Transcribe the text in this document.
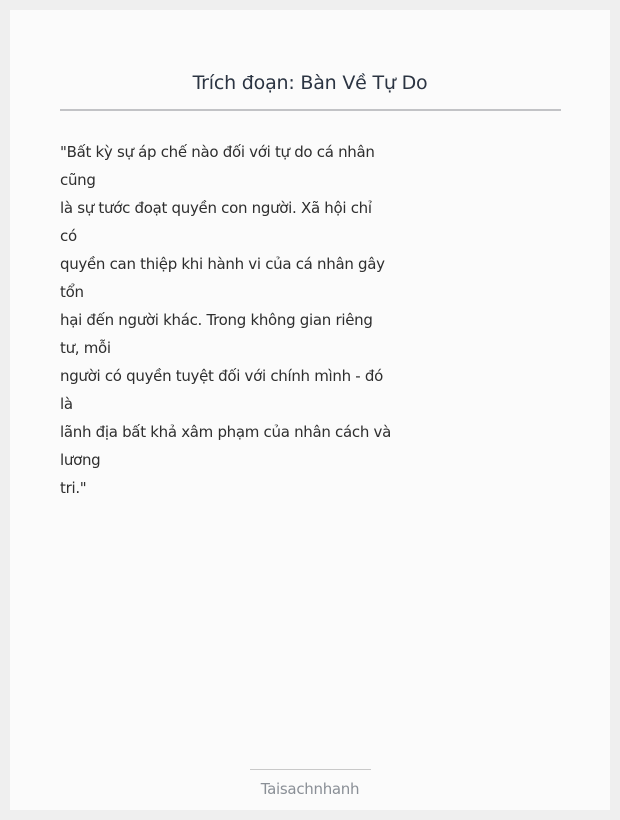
Trích đoạn: Bàn Về Tự Do
"Bất kỳ sự áp chế nào đối với tự do cá nhân
cũng
là sự tước đoạt quyền con người. Xã hội chỉ
có
quyền can thiệp khi hành vi của cá nhân gây
tổn
hại đến người khác. Trong không gian riêng
tư, mỗi
người có quyền tuyệt đối với chính mình - đó
là
lãnh địa bất khả xâm phạm của nhân cách và
lương
tri."
Taisachnhanh
